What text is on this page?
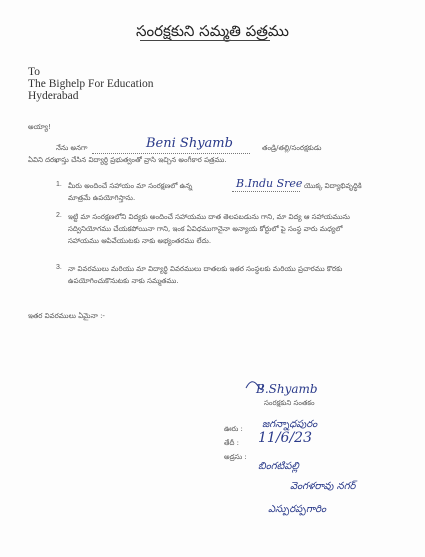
సంరక్షకుని సమ్మతి పత్రము
To
The Bighelp For Education
Hyderabad
అయ్యా!
నేను అనగా	Beni Shyamb	తండ్రి/తల్లి/సంరక్షకుడు
ఏవిని దరఖాస్తు చేసిన విద్యార్థి ప్రభుత్వంతో వ్రాసి ఇచ్చిన అంగీకార పత్రము.
1. మీరు అందించే సహాయం మా సంరక్షణలో ఉన్న	B.Indu Sree యొక్క విద్యాభివృద్ధికి
మాత్రమే ఉపయోగిస్తాను.
2. ఇట్టి మా సంరక్షణలోని విద్యకు అందించే సహాయము దాత తెలపబడును గాని, మా విద్య ఆ సహాయమును
సద్వినియోగము చేయకపోయినా గాని, ఇంక ఏవిధముగానైనా అన్యాయ కోర్టులో పై సంస్థ వారు మధ్యలో
సహాయము ఆపివేయుటకు నాకు అభ్యంతరము లేదు.
3. నా వివరములు మరియు మా విద్యార్థి వివరములు దాతలకు ఇతర సంస్థలకు మరియు ప్రచారము కొరకు
ఉపయోగించుకొనుటకు నాకు సమ్మతము.
ఇతర వివరములు ఏమైనా :-
B.Shyamb
సంరక్షకుని సంతకం
ఊరు : జగన్నాధపురం
తేదీ : 11/6/23
అడ్రసు :
బింగటిపల్లి
వెంగళరావు నగర్
ఎస్పురప్పగారిం
